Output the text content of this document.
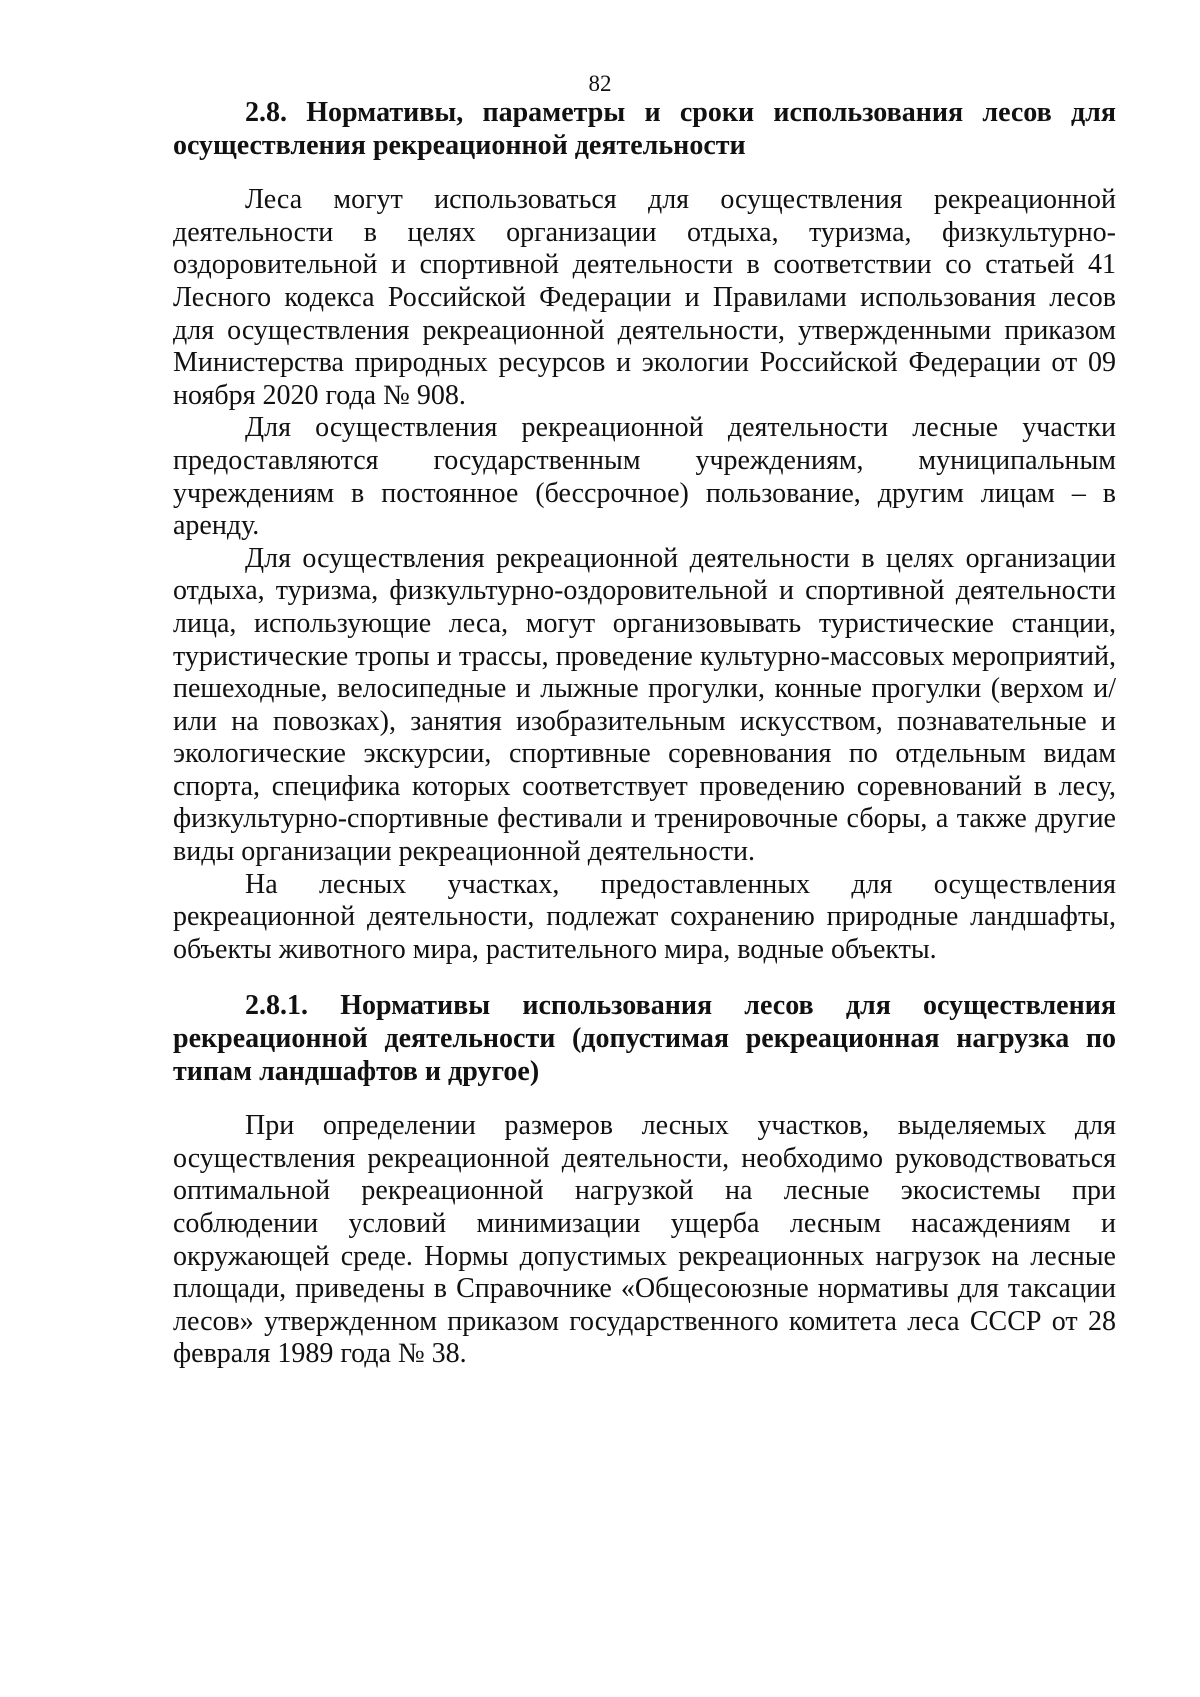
82

2.8. Нормативы, параметры и сроки использования лесов для осуществления рекреационной деятельности

Леса могут использоваться для осуществления рекреационной деятельности в целях организации отдыха, туризма, физкультурно-оздоровительной и спортивной деятельности в соответствии со статьей 41 Лесного кодекса Российской Федерации и Правилами использования лесов для осуществления рекреационной деятельности, утвержденными приказом Министерства природных ресурсов и экологии Российской Федерации от 09 ноября 2020 года № 908.

Для осуществления рекреационной деятельности лесные участки предоставляются государственным учреждениям, муниципальным учреждениям в постоянное (бессрочное) пользование, другим лицам – в аренду.

Для осуществления рекреационной деятельности в целях организации отдыха, туризма, физкультурно-оздоровительной и спортивной деятельности лица, использующие леса, могут организовывать туристические станции, туристические тропы и трассы, проведение культурно-массовых мероприятий, пешеходные, велосипедные и лыжные прогулки, конные прогулки (верхом и/или на повозках), занятия изобразительным искусством, познавательные и экологические экскурсии, спортивные соревнования по отдельным видам спорта, специфика которых соответствует проведению соревнований в лесу, физкультурно-спортивные фестивали и тренировочные сборы, а также другие виды организации рекреационной деятельности.

На лесных участках, предоставленных для осуществления рекреационной деятельности, подлежат сохранению природные ландшафты, объекты животного мира, растительного мира, водные объекты.

2.8.1. Нормативы использования лесов для осуществления рекреационной деятельности (допустимая рекреационная нагрузка по типам ландшафтов и другое)

При определении размеров лесных участков, выделяемых для осуществления рекреационной деятельности, необходимо руководствоваться оптимальной рекреационной нагрузкой на лесные экосистемы при соблюдении условий минимизации ущерба лесным насаждениям и окружающей среде. Нормы допустимых рекреационных нагрузок на лесные площади, приведены в Справочнике «Общесоюзные нормативы для таксации лесов» утвержденном приказом государственного комитета леса СССР от 28 февраля 1989 года № 38.
